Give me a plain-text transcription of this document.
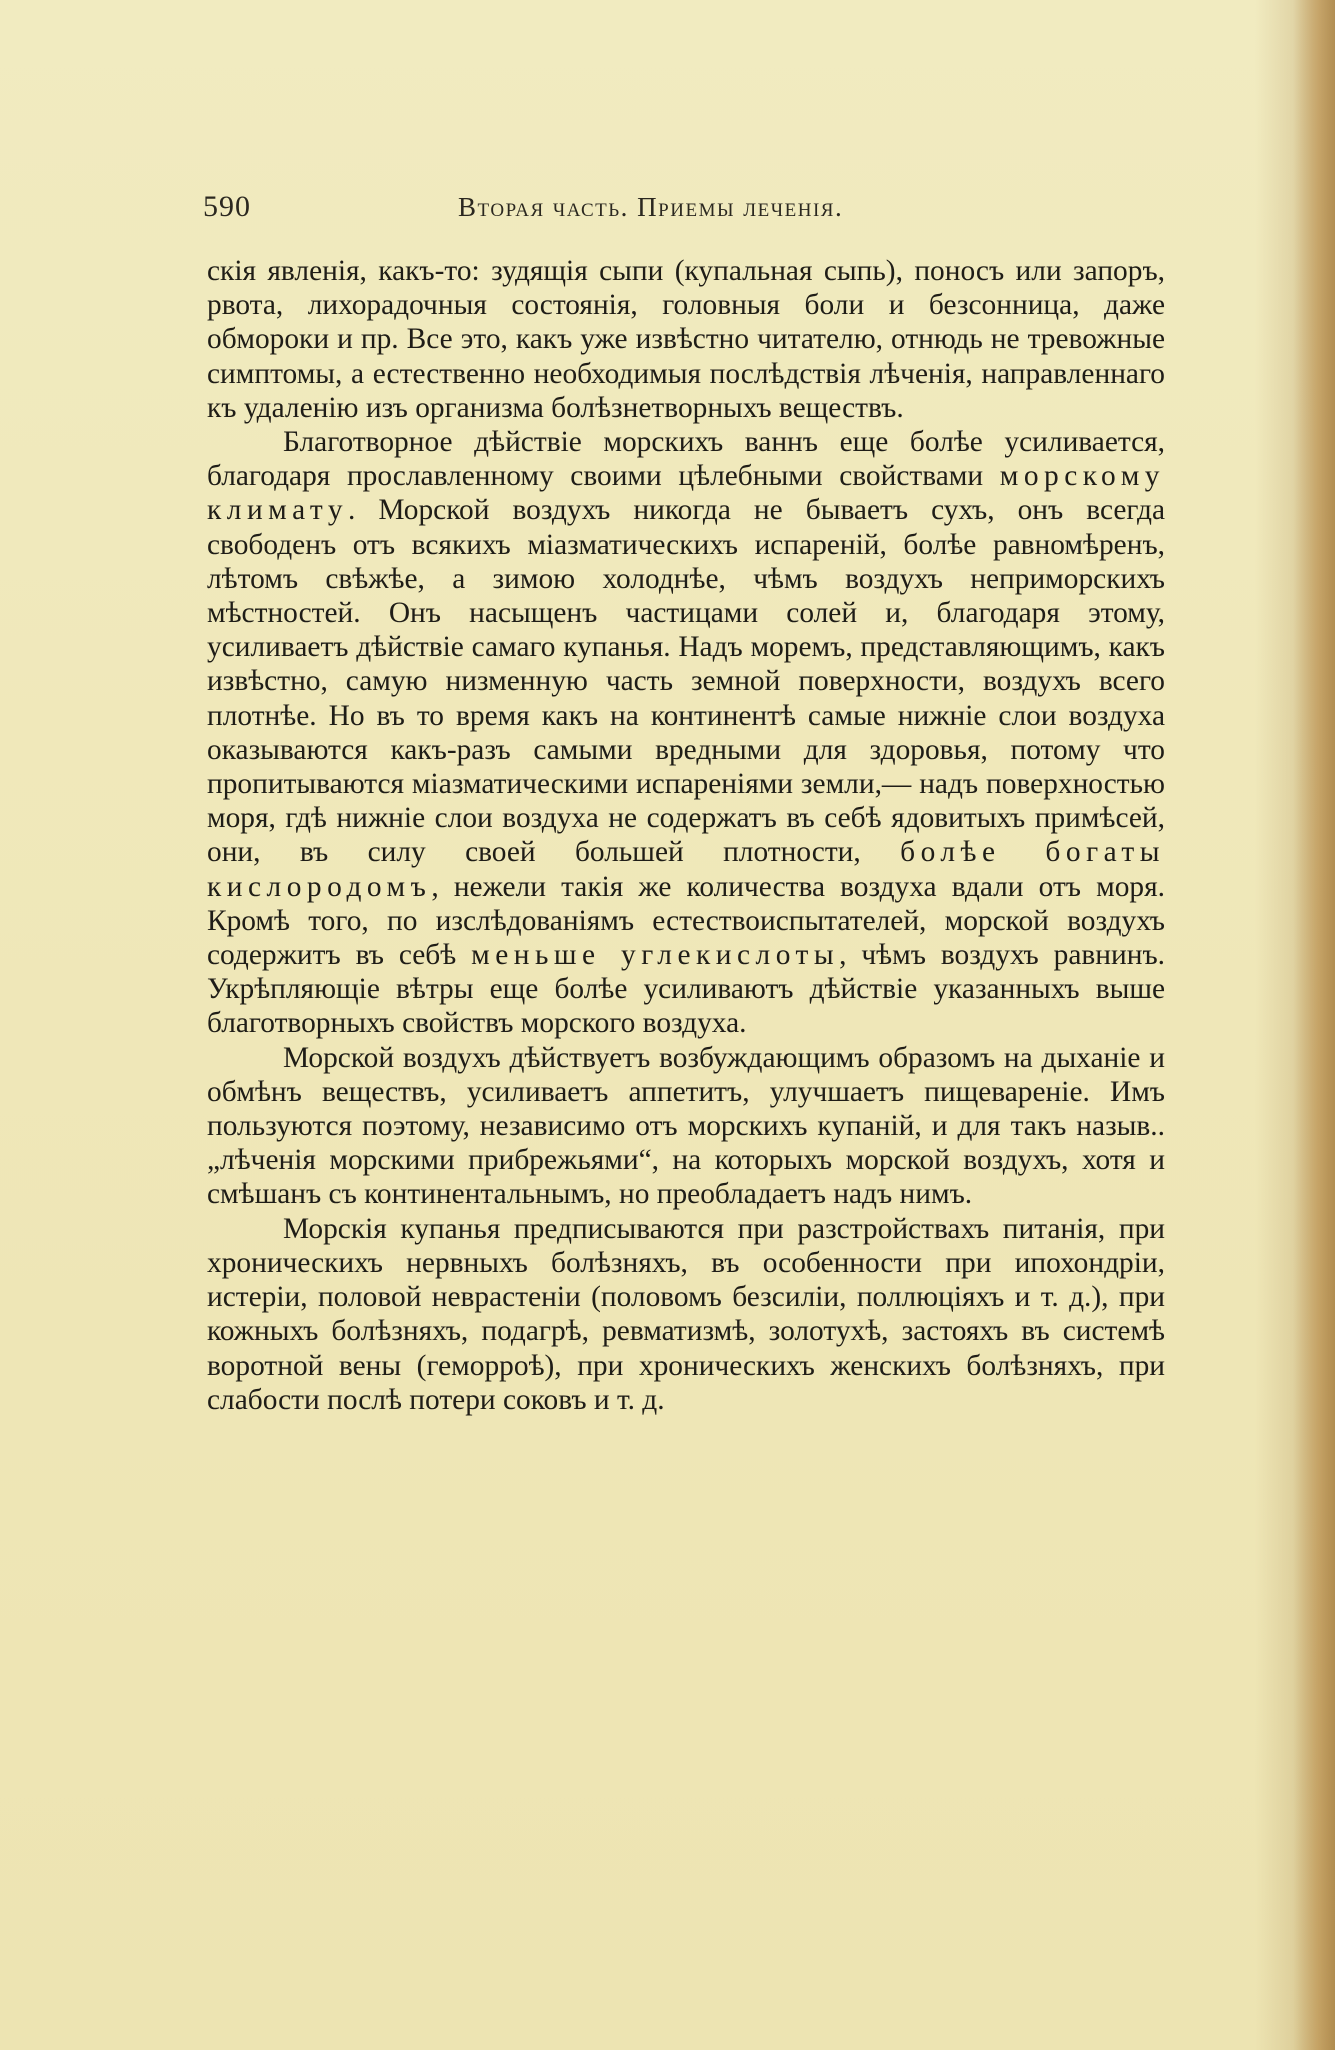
590	Вторая часть. Приемы леченія.

скія явленія, какъ-то: зудящія сыпи (купальная сыпь), поносъ или запоръ, рвота, лихорадочныя состоянія, головныя боли и безсонница, даже обмороки и пр. Все это, какъ уже извѣстно читателю, отнюдь не тревожные симптомы, а естественно необходимыя послѣдствія лѣченія, направленнаго къ удаленію изъ организма болѣзнетворныхъ веществъ.

Благотворное дѣйствіе морскихъ ваннъ еще болѣе усиливается, благодаря прославленному своими цѣлебными свойствами морскому климату. Морской воздухъ никогда не бываетъ сухъ, онъ всегда свободенъ отъ всякихъ міазматическихъ испареній, болѣе равномѣренъ, лѣтомъ свѣжѣе, а зимою холоднѣе, чѣмъ воздухъ непримoрскихъ мѣстностей. Онъ насыщенъ частицами солей и, благодаря этому, усиливаетъ дѣйствіе самаго купанья. Надъ моремъ, представляющимъ, какъ извѣстно, самую низменную часть земной поверхности, воздухъ всего плотнѣе. Но въ то время какъ на континентѣ самые нижніе слои воздуха оказываются какъ-разъ самыми вредными для здоровья, потому что пропитываются міазматическими испареніями земли,— надъ поверхностью моря, гдѣ нижніе слои воздуха не содержатъ въ себѣ ядовитыхъ примѣсей, они, въ силу своей большей плотности, болѣе богаты кислородомъ, нежели такія же количества воздуха вдали отъ моря. Кромѣ того, по изслѣдованіямъ естествоиспытателей, морской воздухъ содержитъ въ себѣ меньше углекислоты, чѣмъ воздухъ равнинъ. Укрѣпляющіе вѣтры еще болѣе усиливаютъ дѣйствіе указанныхъ выше благотворныхъ свойствъ морского воздуха.

Морской воздухъ дѣйствуетъ возбуждающимъ образомъ на дыханіе и обмѣнъ веществъ, усиливаетъ аппетитъ, улучшаетъ пищевареніе. Имъ пользуются поэтому, независимо отъ морскихъ купаній, и для такъ назыв.. „лѣченія морскими прибрежьями“, на которыхъ морской воздухъ, хотя и смѣшанъ съ континентальнымъ, но преобладаетъ надъ нимъ.

Морскія купанья предписываются при разстройствахъ питанія, при хроническихъ нервныхъ болѣзняхъ, въ особенности при ипохондріи, истеріи, половой неврастеніи (половомъ безсиліи, поллюціяхъ и т. д.), при кожныхъ болѣзняхъ, подагрѣ, ревматизмѣ, золотухѣ, застояхъ въ системѣ воротной вены (геморроѣ), при хроническихъ женскихъ болѣзняхъ, при слабости послѣ потери соковъ и т. д.
